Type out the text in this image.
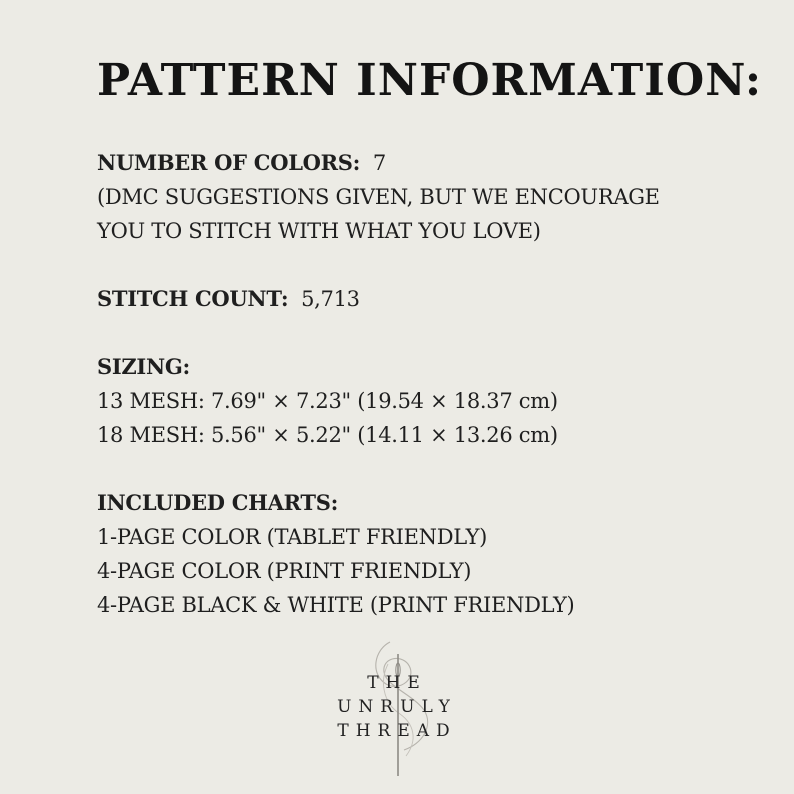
PATTERN INFORMATION:
NUMBER OF COLORS: 7
(DMC SUGGESTIONS GIVEN, BUT WE ENCOURAGE
YOU TO STITCH WITH WHAT YOU LOVE)
STITCH COUNT: 5,713
SIZING:
13 MESH: 7.69" × 7.23" (19.54 × 18.37 cm)
18 MESH: 5.56" × 5.22" (14.11 × 13.26 cm)
INCLUDED CHARTS:
1-PAGE COLOR (TABLET FRIENDLY)
4-PAGE COLOR (PRINT FRIENDLY)
4-PAGE BLACK & WHITE (PRINT FRIENDLY)
THE
UNRULY
THREAD
